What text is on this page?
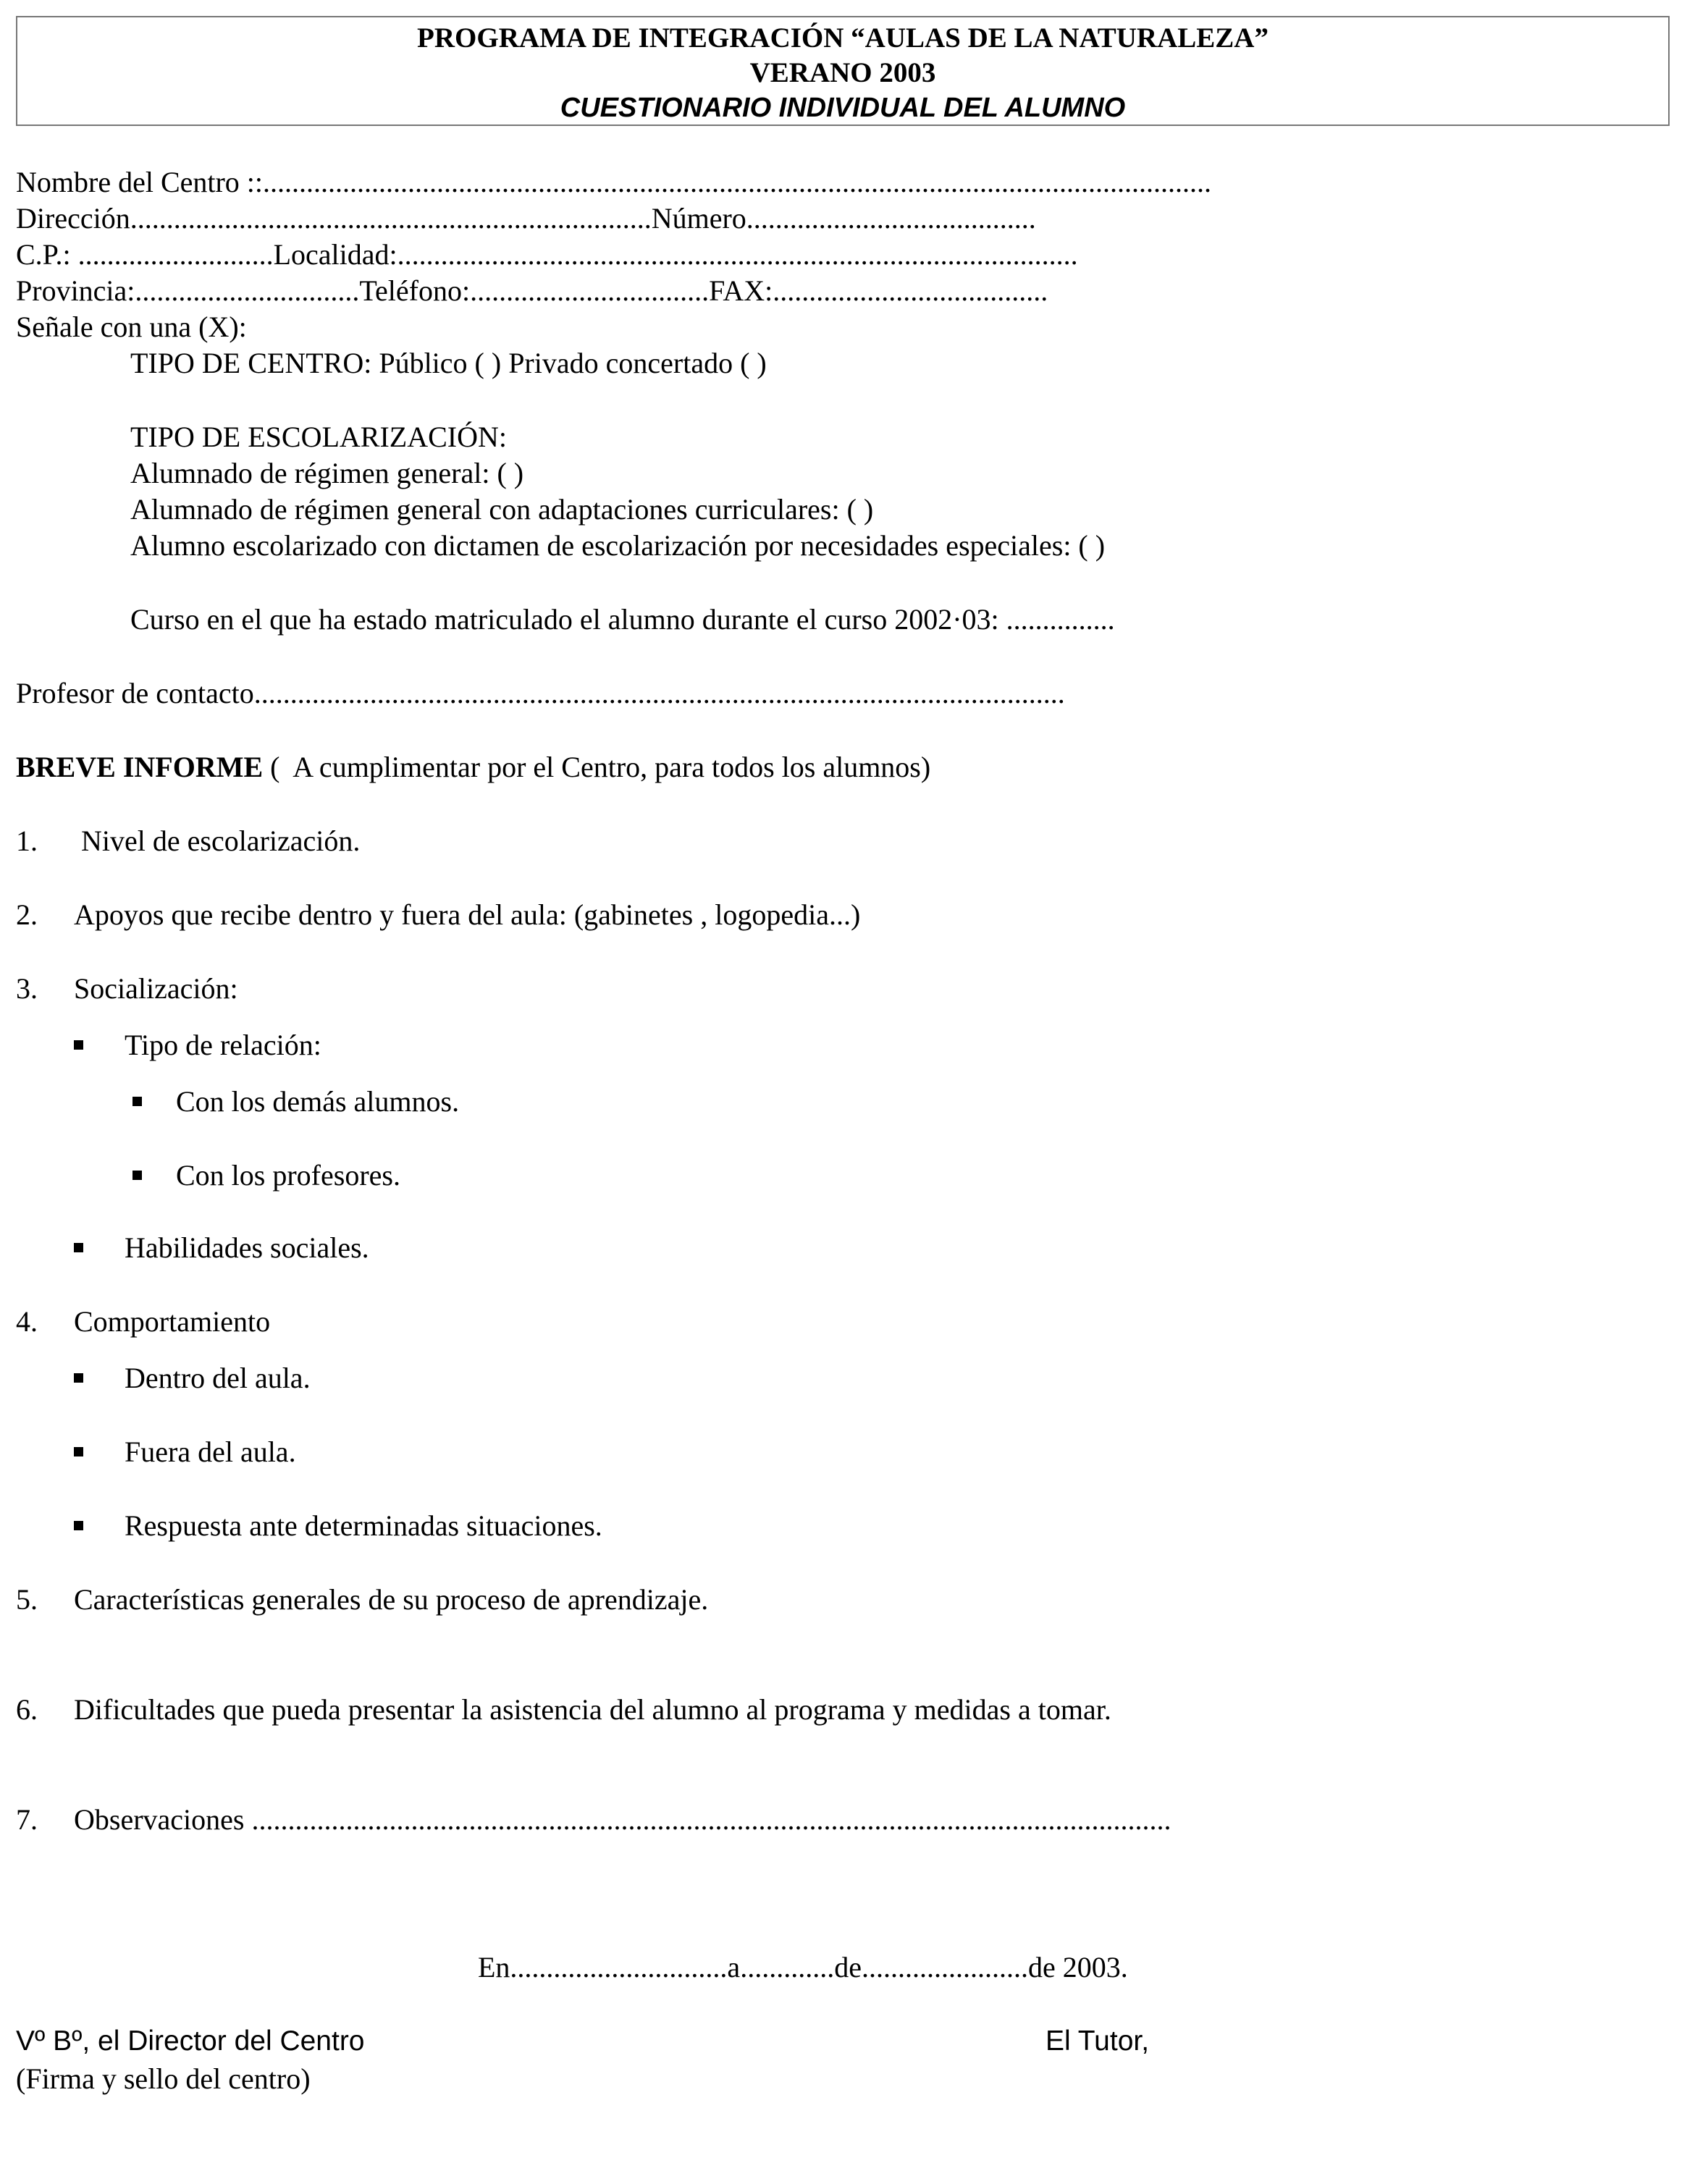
PROGRAMA DE INTEGRACIÓN “AULAS DE LA NATURALEZA”
VERANO 2003
CUESTIONARIO INDIVIDUAL DEL ALUMNO
Nombre del Centro ::...................................................................................................................................
Dirección........................................................................Número........................................
C.P.: ...........................Localidad:..............................................................................................
Provincia:...............................Teléfono:.................................FAX:......................................
Señale con una (X):
TIPO DE CENTRO: Público ( ) Privado concertado ( )
TIPO DE ESCOLARIZACIÓN:
Alumnado de régimen general: ( )
Alumnado de régimen general con adaptaciones curriculares: ( )
Alumno escolarizado con dictamen de escolarización por necesidades especiales: ( )
Curso en el que ha estado matriculado el alumno durante el curso 2002·03: ...............
Profesor de contacto................................................................................................................
BREVE INFORME (  A cumplimentar por el Centro, para todos los alumnos)
1. Nivel de escolarización.
2. Apoyos que recibe dentro y fuera del aula: (gabinetes , logopedia...)
3. Socialización:
Tipo de relación:
Con los demás alumnos.
Con los profesores.
Habilidades sociales.
4. Comportamiento
Dentro del aula.
Fuera del aula.
Respuesta ante determinadas situaciones.
5. Características generales de su proceso de aprendizaje.
6. Dificultades que pueda presentar la asistencia del alumno al programa y medidas a tomar.
7. Observaciones ...............................................................................................................................
En..............................a.............de.......................de 2003.
Vº Bº, el Director del Centro	El Tutor,
(Firma y sello del centro)
